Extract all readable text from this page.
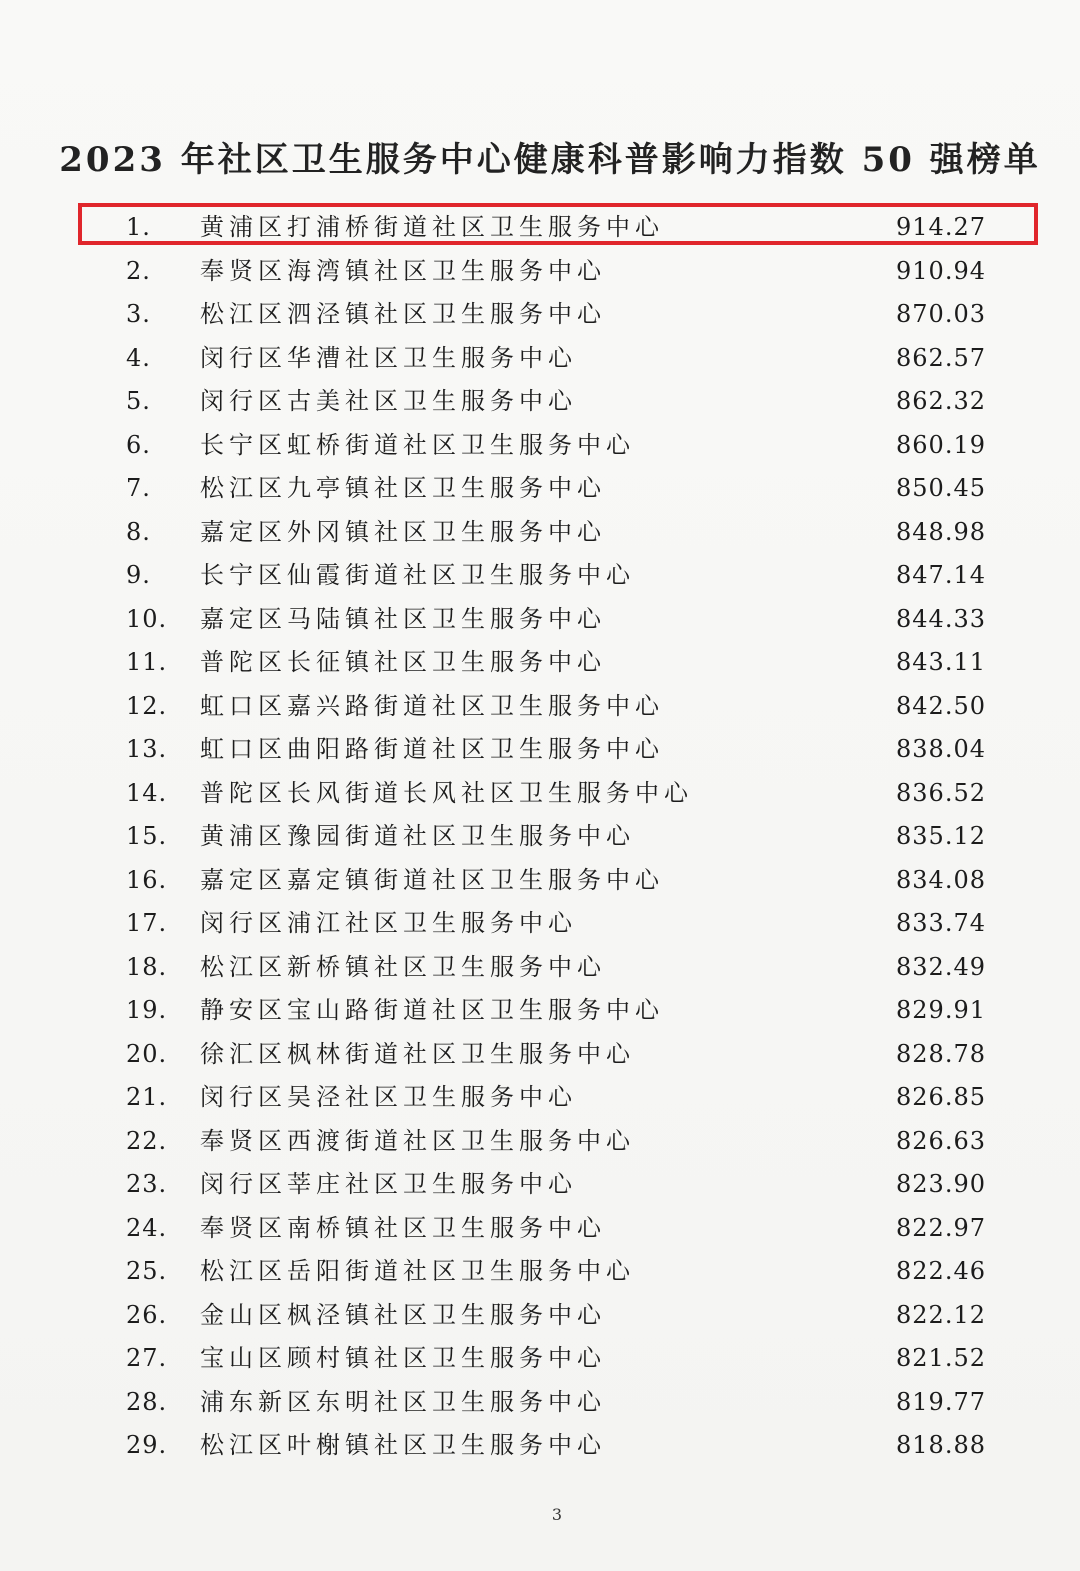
2023 年社区卫生服务中心健康科普影响力指数 50 强榜单
1.	黄浦区打浦桥街道社区卫生服务中心	914.27
2.	奉贤区海湾镇社区卫生服务中心	910.94
3.	松江区泗泾镇社区卫生服务中心	870.03
4.	闵行区华漕社区卫生服务中心	862.57
5.	闵行区古美社区卫生服务中心	862.32
6.	长宁区虹桥街道社区卫生服务中心	860.19
7.	松江区九亭镇社区卫生服务中心	850.45
8.	嘉定区外冈镇社区卫生服务中心	848.98
9.	长宁区仙霞街道社区卫生服务中心	847.14
10.	嘉定区马陆镇社区卫生服务中心	844.33
11.	普陀区长征镇社区卫生服务中心	843.11
12.	虹口区嘉兴路街道社区卫生服务中心	842.50
13.	虹口区曲阳路街道社区卫生服务中心	838.04
14.	普陀区长风街道长风社区卫生服务中心	836.52
15.	黄浦区豫园街道社区卫生服务中心	835.12
16.	嘉定区嘉定镇街道社区卫生服务中心	834.08
17.	闵行区浦江社区卫生服务中心	833.74
18.	松江区新桥镇社区卫生服务中心	832.49
19.	静安区宝山路街道社区卫生服务中心	829.91
20.	徐汇区枫林街道社区卫生服务中心	828.78
21.	闵行区吴泾社区卫生服务中心	826.85
22.	奉贤区西渡街道社区卫生服务中心	826.63
23.	闵行区莘庄社区卫生服务中心	823.90
24.	奉贤区南桥镇社区卫生服务中心	822.97
25.	松江区岳阳街道社区卫生服务中心	822.46
26.	金山区枫泾镇社区卫生服务中心	822.12
27.	宝山区顾村镇社区卫生服务中心	821.52
28.	浦东新区东明社区卫生服务中心	819.77
29.	松江区叶榭镇社区卫生服务中心	818.88
3
